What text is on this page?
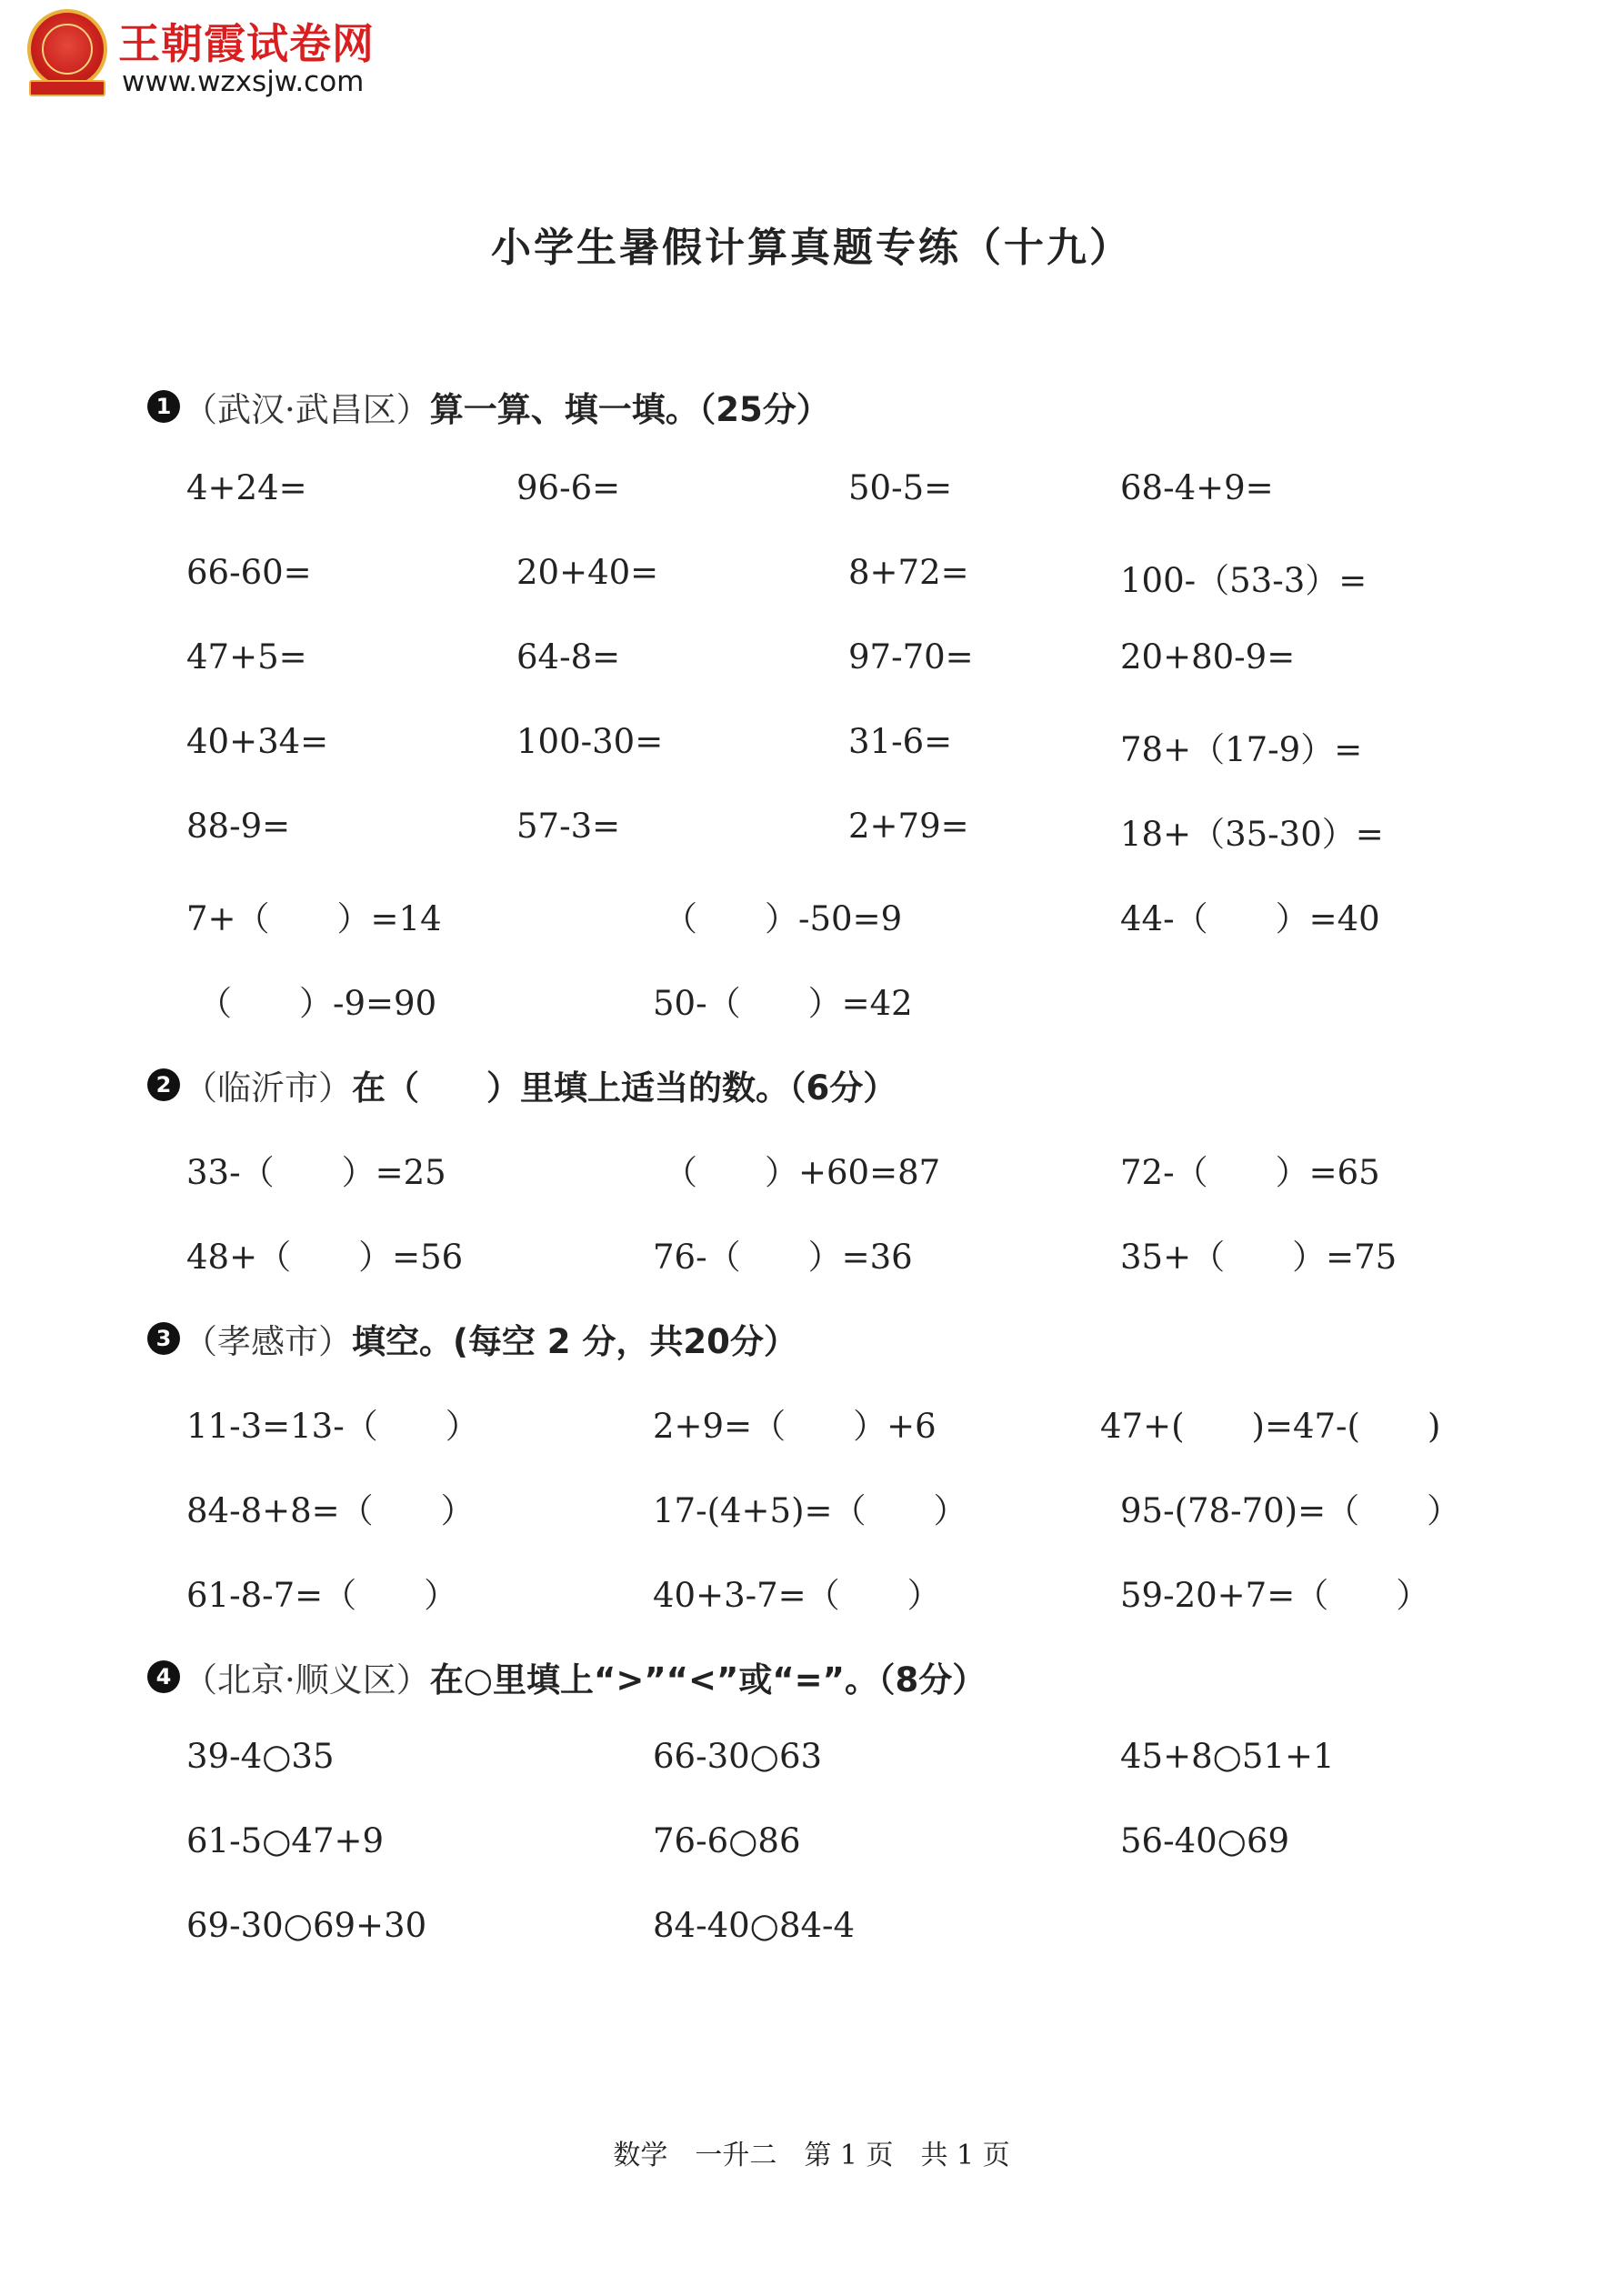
王朝霞试卷网
www.wzxsjw.com
小学生暑假计算真题专练（十九）
1 （武汉·武昌区）算一算、填一填。（25分）
4+24=	96-6=	50-5=	68-4+9=
66-60=	20+40=	8+72=	100-（53-3）=
47+5=	64-8=	97-70=	20+80-9=
40+34=	100-30=	31-6=	78+（17-9）=
88-9=	57-3=	2+79=	18+（35-30）=
7+（　　）=14	（　　）-50=9	44-（　　）=40
（　　）-9=90	50-（　　）=42
2 （临沂市）在（　　）里填上适当的数。（6分）
33-（　　）=25	（　　）+60=87	72-（　　）=65
48+（　　）=56	76-（　　）=36	35+（　　）=75
3 （孝感市）填空。(每空 2 分，共20分）
11-3=13-（　　）	2+9=（　　）+6	47+(　　)=47-(　　)
84-8+8=（　　）	17-(4+5)=（　　）	95-(78-70)=（　　）
61-8-7=（　　）	40+3-7=（　　）	59-20+7=（　　）
4 （北京·顺义区）在○里填上“>”“<”或“=”。（8分）
39-4○35	66-30○63	45+8○51+1
61-5○47+9	76-6○86	56-40○69
69-30○69+30	84-40○84-4
数学　一升二　第 1 页　共 1 页
